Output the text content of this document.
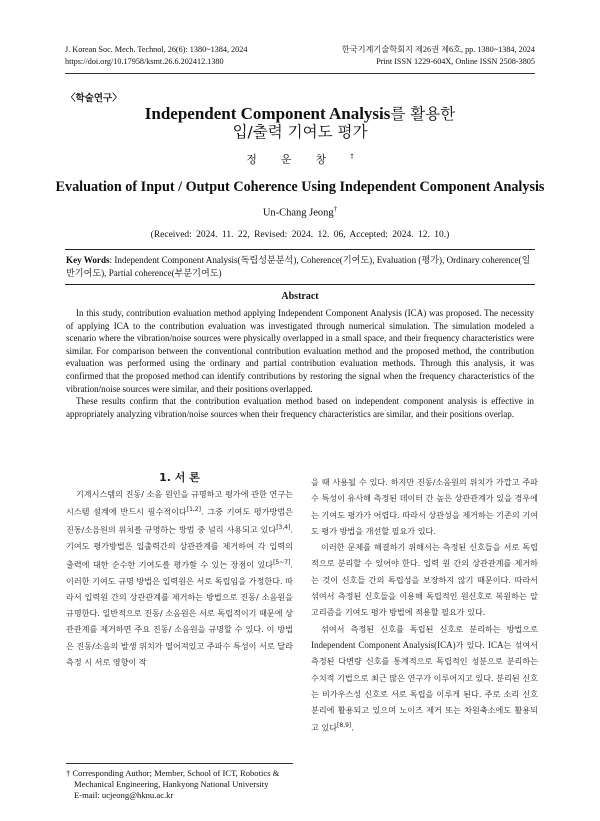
J. Korean Soc. Mech. Technol, 26(6): 1380~1384, 2024
https://doi.org/10.17958/ksmt.26.6.202412.1380
한국기계기술학회지 제26권 제6호, pp. 1380~1384, 2024
Print ISSN 1229-604X, Online ISSN 2508-3805
〈학술연구〉
Independent Component Analysis를 활용한
입/출력 기여도 평가
정운창†
Evaluation of Input / Output Coherence Using Independent Component Analysis
Un-Chang Jeong†
(Received: 2024. 11. 22, Revised: 2024. 12. 06, Accepted: 2024. 12. 10.)
Key Words: Independent Component Analysis(독립성분분석), Coherence(기여도), Evaluation (평가), Ordinary coherence(일반기여도), Partial coherence(부분기여도)
Abstract

In this study, contribution evaluation method applying Independent Component Analysis (ICA) was proposed. The necessity of applying ICA to the contribution evaluation was investigated through numerical simulation. The simulation modeled a scenario where the vibration/noise sources were physically overlapped in a small space, and their frequency characteristics were similar. For comparison between the conventional contribution evaluation method and the proposed method, the contribution evaluation was performed using the ordinary and partial contribution evaluation methods. Through this analysis, it was confirmed that the proposed method can identify contributions by restoring the signal when the frequency characteristics of the vibration/noise sources were similar, and their positions overlapped.

These results confirm that the contribution evaluation method based on independent component analysis is effective in appropriately analyzing vibration/noise sources when their frequency characteristics are similar, and their positions overlap.

1. 서 론

기계시스템의 진동/ 소음 원인을 규명하고 평가에 관한 연구는 시스템 설계에 반드시 필수적이다[1,2]. 그중 기여도 평가방법은 진동/소음원의 위치를 규명하는 방법 중 널리 사용되고 있다[3,4]. 기여도 평가방법은 입출력간의 상관관계를 제거하여 각 입력의 출력에 대한 순수한 기여도를 평가할 수 있는 장점이 있다[5~7]. 이러한 기여도 규명 방법은 입력원은 서로 독립임을 가정한다. 따라서 입력원 간의 상관관계를 제거하는 방법으로 진동/ 소음원을 규명한다. 일반적으로 진동/ 소음원은 서로 독립적이기 때문에 상관관계를 제거하면 주요 진동/ 소음원을 규명할 수 있다. 이 방법은 진동/소음의 발생 위치가 떨어져있고 주파수 특성이 서로 달라 측정 시 서로 영향이 작

을 때 사용될 수 있다. 하지만 진동/소음원의 위치가 가깝고 주파수 특성이 유사해 측정된 데이터 간 높은 상관관계가 있을 경우에는 기여도 평가가 어렵다. 따라서 상관성을 제거하는 기존의 기여도 평가 방법을 개선할 필요가 있다.

이러한 문제를 해결하기 위해서는 측정된 신호들을 서로 독립적으로 분리할 수 있어야 한다. 입력 원 간의 상관관계를 제거하는 것이 신호들 간의 독립성을 보장하지 않기 때문이다. 따라서 섞여서 측정된 신호들을 이용해 독립적인 원신호로 복원하는 알고리즘을 기여도 평가 방법에 적용할 필요가 있다.

섞여서 측정된 신호를 독립된 신호로 분리하는 방법으로 Independent Component Analysis(ICA)가 있다. ICA는 섞여서 측정된 다변량 신호를 통계적으로 독립적인 성분으로 분리하는 수치적 기법으로 최근 많은 연구가 이루어지고 있다. 분리된 신호는 비가우스성 신호로 서로 독립을 이루게 된다. 주로 소리 신호 분리에 활용되고 있으며 노이즈 제거 또는 차원축소에도 활용되고 있다[8,9].

† Corresponding Author; Member, School of ICT, Robotics & Mechanical Engineering, Hankyong National University
E-mail: ucjeong@hknu.ac.kr
